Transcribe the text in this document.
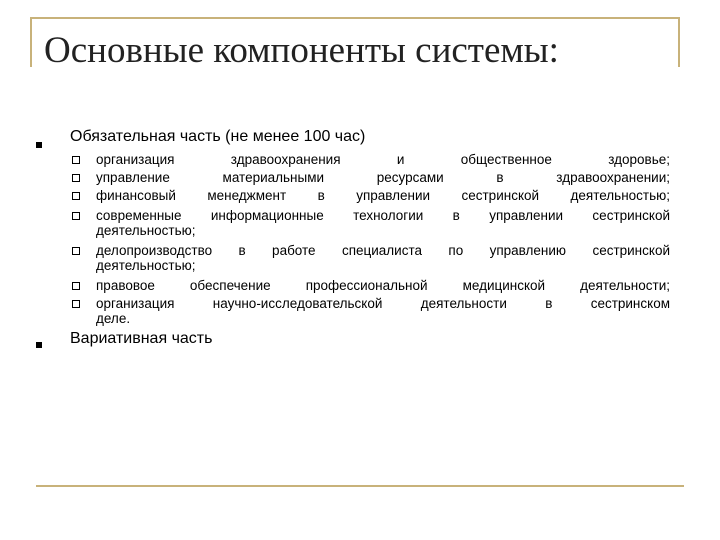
Основные компоненты системы:
Обязательная часть (не менее 100 час)
организация здравоохранения и общественное здоровье;
управление материальными ресурсами в здравоохранении;
финансовый менеджмент в управлении сестринской деятельностью;
современные информационные технологии в управлении сестринской
деятельностью;
делопроизводство в работе специалиста по управлению сестринской
деятельностью;
правовое обеспечение профессиональной медицинской деятельности;
организация научно-исследовательской деятельности в сестринском
деле.
Вариативная часть
